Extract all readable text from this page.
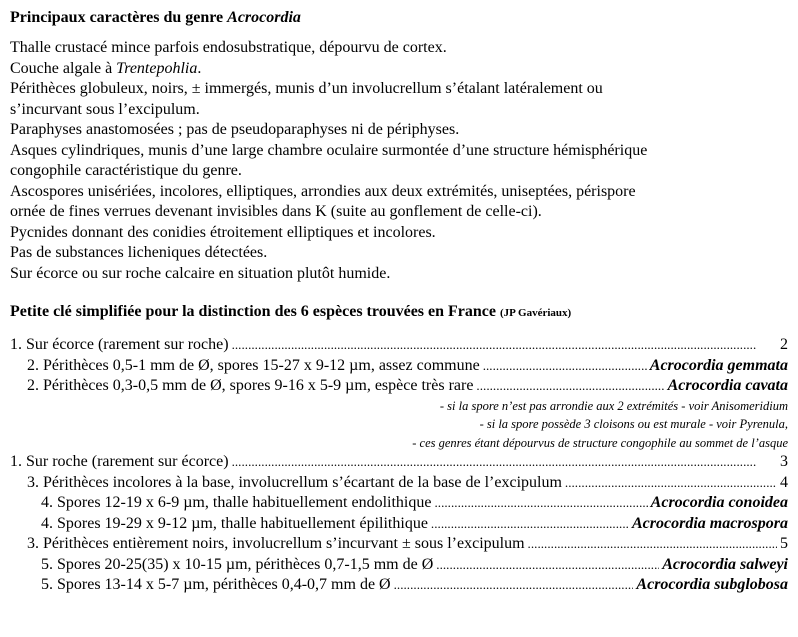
Principaux caractères du genre Acrocordia

Thalle crustacé mince parfois endosubstratique, dépourvu de cortex.

Couche algale à Trentepohlia.

Périthèces globuleux, noirs, ± immergés, munis d’un involucrellum s’étalant latéralement ou

s’incurvant sous l’excipulum.

Paraphyses anastomosées ; pas de pseudoparaphyses ni de périphyses.

Asques cylindriques, munis d’une large chambre oculaire surmontée d’une structure hémisphérique

congophile caractéristique du genre.

Ascospores unisériées, incolores, elliptiques, arrondies aux deux extrémités, uniseptées, périspore

ornée de fines verrues devenant invisibles dans K (suite au gonflement de celle-ci).

Pycnides donnant des conidies étroitement elliptiques et incolores.

Pas de substances licheniques détectées.

Sur écorce ou sur roche calcaire en situation plutôt humide.

Petite clé simplifiée pour la distinction des 6 espèces trouvées en France (JP Gavériaux)
1. Sur écorce (rarement sur roche) . . .	2
2. Périthèces 0,5-1 mm de Ø, spores 15-27 x 9-12 µm, assez commune . . .	Acrocordia gemmata
2. Périthèces 0,3-0,5 mm de Ø, spores 9-16 x 5-9 µm, espèce très rare . . .	Acrocordia cavata
- si la spore n’est pas arrondie aux 2 extrémités - voir Anisomeridium
- si la spore possède 3 cloisons ou est murale - voir Pyrenula,
- ces genres étant dépourvus de structure congophile au sommet de l’asque
1. Sur roche (rarement sur écorce) . . .	3
3. Périthèces incolores à la base, involucrellum s’écartant de la base de l’excipulum . . .	4
4. Spores 12-19 x 6-9 µm, thalle habituellement endolithique . . .	Acrocordia conoidea
4. Spores 19-29 x 9-12 µm, thalle habituellement épilithique . . .	Acrocordia macrospora
3. Périthèces entièrement noirs, involucrellum s’incurvant ± sous l’excipulum . . .	5
5. Spores 20-25(35) x 10-15 µm, périthèces 0,7-1,5 mm de Ø . . .	Acrocordia salweyi
5. Spores 13-14 x 5-7 µm, périthèces 0,4-0,7 mm de Ø . . .	Acrocordia subglobosa
